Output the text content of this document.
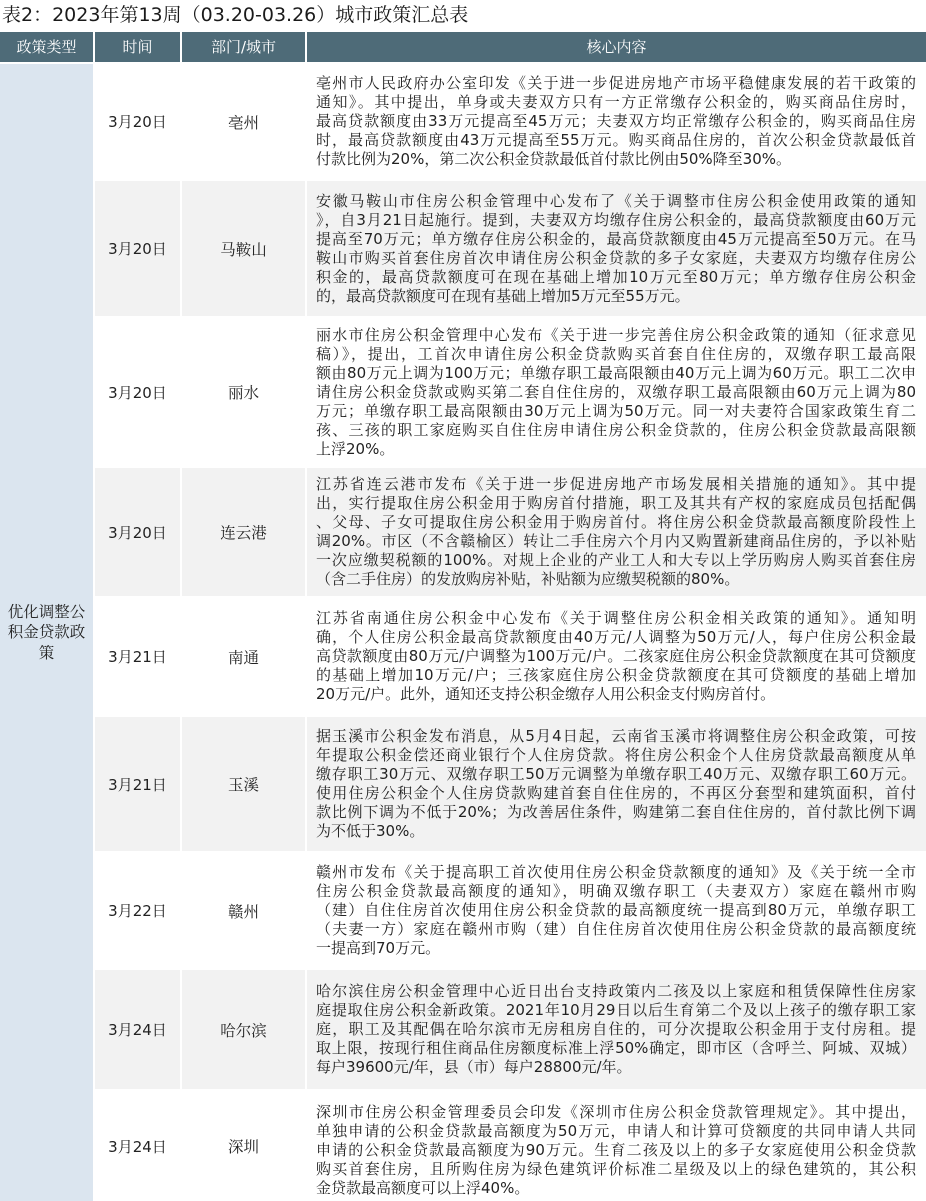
表2：2023年第13周（03.20-03.26）城市政策汇总表
政策类型	时间	部门/城市	核心内容
优化调整公积金贷款政策
3月20日	亳州
亳州市人民政府办公室印发《关于进一步促进房地产市场平稳健康发展的若干政策的
通知》。其中提出，单身或夫妻双方只有一方正常缴存公积金的，购买商品住房时，
最高贷款额度由33万元提高至45万元；夫妻双方均正常缴存公积金的，购买商品住房
时，最高贷款额度由43万元提高至55万元。购买商品住房的，首次公积金贷款最低首
付款比例为20%，第二次公积金贷款最低首付款比例由50%降至30%。
3月20日	马鞍山
安徽马鞍山市住房公积金管理中心发布了《关于调整市住房公积金使用政策的通知
》，自3月21日起施行。提到，夫妻双方均缴存住房公积金的，最高贷款额度由60万元
提高至70万元；单方缴存住房公积金的，最高贷款额度由45万元提高至50万元。在马
鞍山市购买首套住房首次申请住房公积金贷款的多子女家庭，夫妻双方均缴存住房公
积金的，最高贷款额度可在现在基础上增加10万元至80万元；单方缴存住房公积金
的，最高贷款额度可在现有基础上增加5万元至55万元。
3月20日	丽水
丽水市住房公积金管理中心发布《关于进一步完善住房公积金政策的通知（征求意见
稿）》，提出，工首次申请住房公积金贷款购买首套自住住房的，双缴存职工最高限
额由80万元上调为100万元；单缴存职工最高限额由40万元上调为60万元。职工二次申
请住房公积金贷款或购买第二套自住住房的，双缴存职工最高限额由60万元上调为80
万元；单缴存职工最高限额由30万元上调为50万元。同一对夫妻符合国家政策生育二
孩、三孩的职工家庭购买自住住房申请住房公积金贷款的，住房公积金贷款最高限额
上浮20%。
3月20日	连云港
江苏省连云港市发布《关于进一步促进房地产市场发展相关措施的通知》。其中提
出，实行提取住房公积金用于购房首付措施，职工及其共有产权的家庭成员包括配偶
、父母、子女可提取住房公积金用于购房首付。将住房公积金贷款最高额度阶段性上
调20%。市区（不含赣榆区）转让二手住房六个月内又购置新建商品住房的，予以补贴
一次应缴契税额的100%。对规上企业的产业工人和大专以上学历购房人购买首套住房
（含二手住房）的发放购房补贴，补贴额为应缴契税额的80%。
3月21日	南通
江苏省南通住房公积金中心发布《关于调整住房公积金相关政策的通知》。通知明
确，个人住房公积金最高贷款额度由40万元/人调整为50万元/人，每户住房公积金最
高贷款额度由80万元/户调整为100万元/户。二孩家庭住房公积金贷款额度在其可贷额度
的基础上增加10万元/户；三孩家庭住房公积金贷款额度在其可贷额度的基础上增加
20万元/户。此外，通知还支持公积金缴存人用公积金支付购房首付。
3月21日	玉溪
据玉溪市公积金发布消息，从5月4日起，云南省玉溪市将调整住房公积金政策，可按
年提取公积金偿还商业银行个人住房贷款。将住房公积金个人住房贷款最高额度从单
缴存职工30万元、双缴存职工50万元调整为单缴存职工40万元、双缴存职工60万元。
使用住房公积金个人住房贷款购建首套自住住房的，不再区分套型和建筑面积，首付
款比例下调为不低于20%；为改善居住条件，购建第二套自住住房的，首付款比例下调
为不低于30%。
3月22日	赣州
赣州市发布《关于提高职工首次使用住房公积金贷款额度的通知》及《关于统一全市
住房公积金贷款最高额度的通知》，明确双缴存职工（夫妻双方）家庭在赣州市购
（建）自住住房首次使用住房公积金贷款的最高额度统一提高到80万元，单缴存职工
（夫妻一方）家庭在赣州市购（建）自住住房首次使用住房公积金贷款的最高额度统
一提高到70万元。
3月24日	哈尔滨
哈尔滨住房公积金管理中心近日出台支持政策内二孩及以上家庭和租赁保障性住房家
庭提取住房公积金新政策。2021年10月29日以后生育第二个及以上孩子的缴存职工家
庭，职工及其配偶在哈尔滨市无房租房自住的，可分次提取公积金用于支付房租。提
取上限，按现行租住商品住房额度标准上浮50%确定，即市区（含呼兰、阿城、双城）
每户39600元/年，县（市）每户28800元/年。
3月24日	深圳
深圳市住房公积金管理委员会印发《深圳市住房公积金贷款管理规定》。其中提出，
单独申请的公积金贷款最高额度为50万元，申请人和计算可贷额度的共同申请人共同
申请的公积金贷款最高额度为90万元。生育二孩及以上的多子女家庭使用公积金贷款
购买首套住房，且所购住房为绿色建筑评价标准二星级及以上的绿色建筑的，其公积
金贷款最高额度可以上浮40%。
